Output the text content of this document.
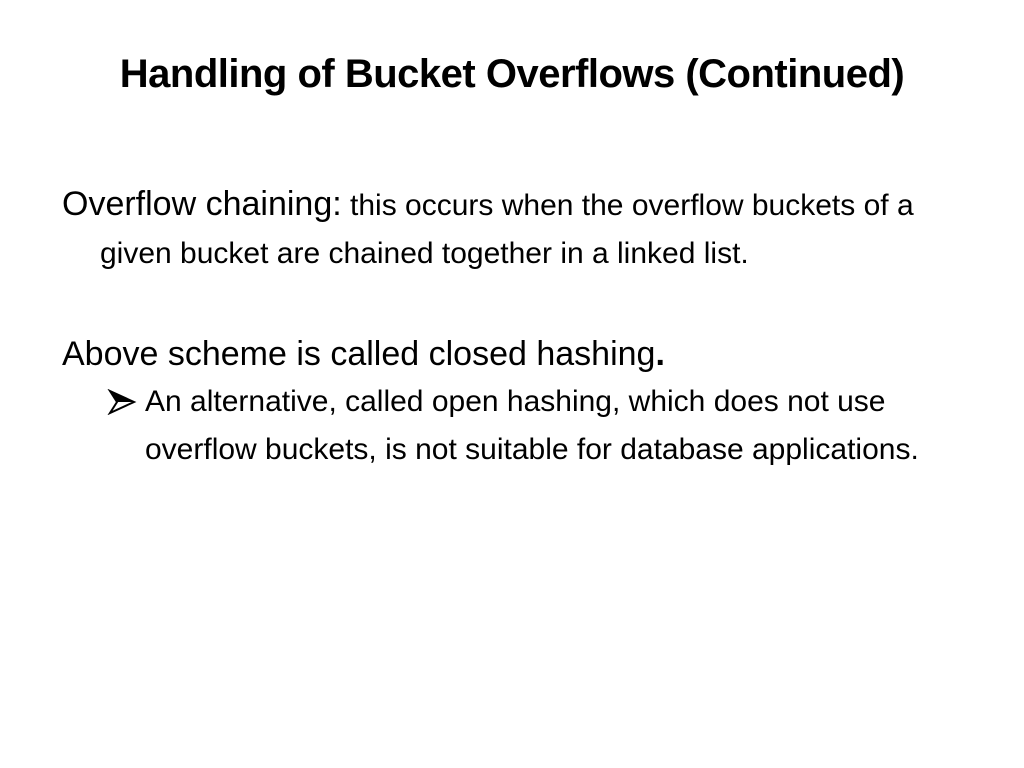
Handling of Bucket Overflows (Continued)

Overflow chaining: this occurs when the overflow buckets of a given bucket are chained together in a linked list.

Above scheme is called closed hashing.

An alternative, called open hashing, which does not use overflow buckets, is not suitable for database applications.
